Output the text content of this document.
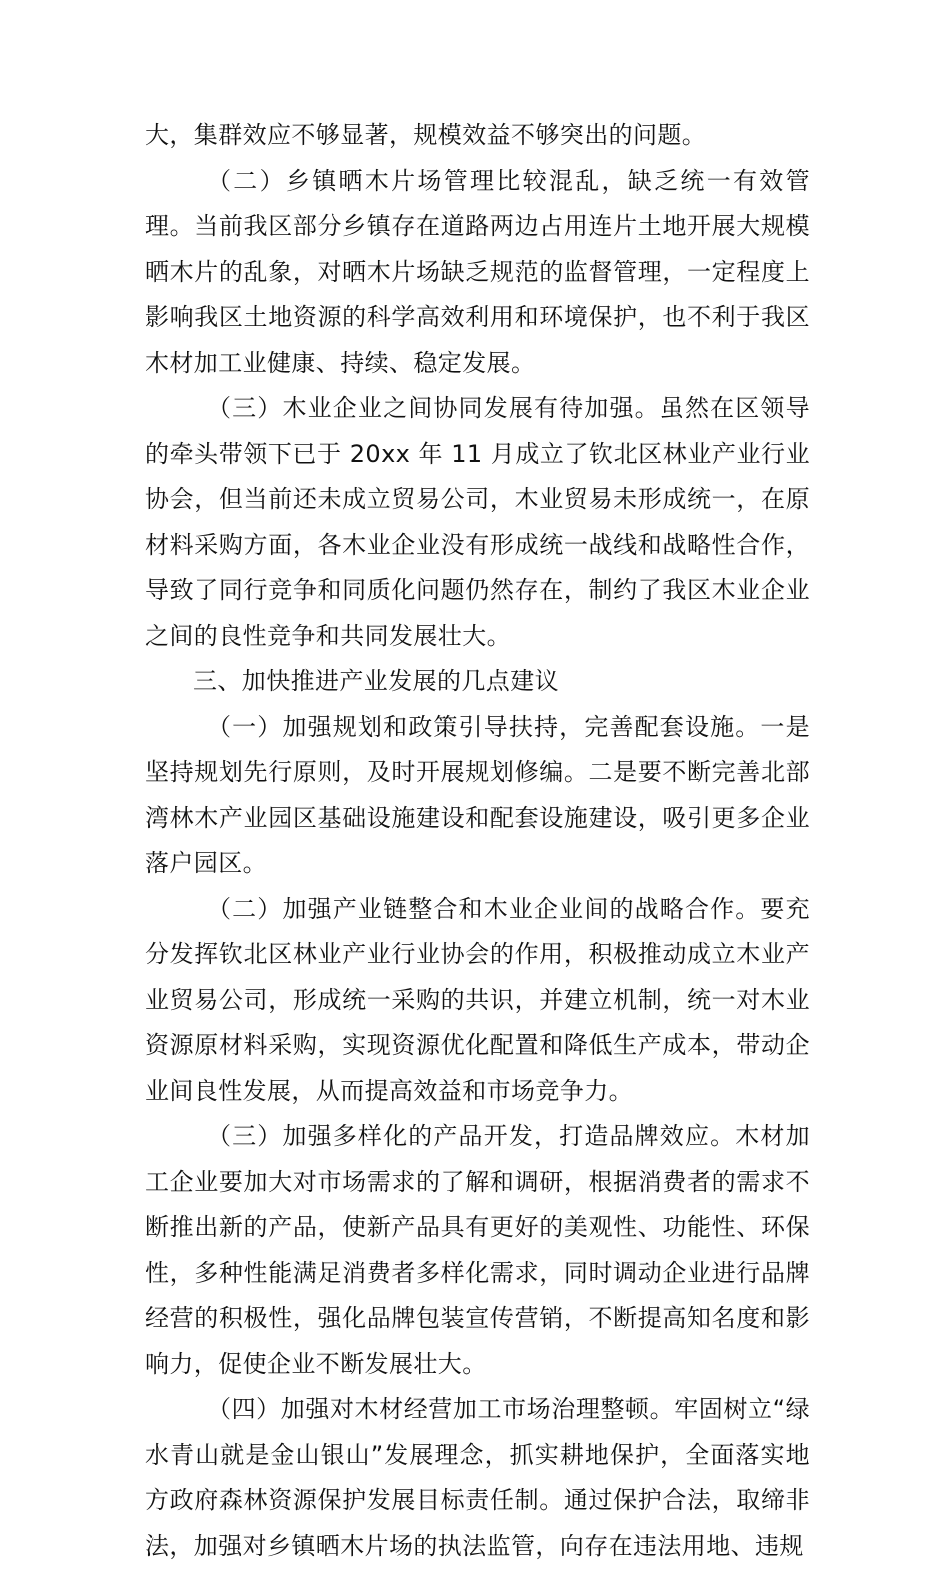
大，集群效应不够显著，规模效益不够突出的问题。

（二）乡镇晒木片场管理比较混乱，缺乏统一有效管理。当前我区部分乡镇存在道路两边占用连片土地开展大规模晒木片的乱象，对晒木片场缺乏规范的监督管理，一定程度上影响我区土地资源的科学高效利用和环境保护，也不利于我区木材加工业健康、持续、稳定发展。

（三）木业企业之间协同发展有待加强。虽然在区领导的牵头带领下已于 20xx 年 11 月成立了钦北区林业产业行业协会，但当前还未成立贸易公司，木业贸易未形成统一，在原材料采购方面，各木业企业没有形成统一战线和战略性合作，导致了同行竞争和同质化问题仍然存在，制约了我区木业企业之间的良性竞争和共同发展壮大。

三、加快推进产业发展的几点建议

（一）加强规划和政策引导扶持，完善配套设施。一是坚持规划先行原则，及时开展规划修编。二是要不断完善北部湾林木产业园区基础设施建设和配套设施建设，吸引更多企业落户园区。

（二）加强产业链整合和木业企业间的战略合作。要充分发挥钦北区林业产业行业协会的作用，积极推动成立木业产业贸易公司，形成统一采购的共识，并建立机制，统一对木业资源原材料采购，实现资源优化配置和降低生产成本，带动企业间良性发展，从而提高效益和市场竞争力。

（三）加强多样化的产品开发，打造品牌效应。木材加工企业要加大对市场需求的了解和调研，根据消费者的需求不断推出新的产品，使新产品具有更好的美观性、功能性、环保性，多种性能满足消费者多样化需求，同时调动企业进行品牌经营的积极性，强化品牌包装宣传营销，不断提高知名度和影响力，促使企业不断发展壮大。

（四）加强对木材经营加工市场治理整顿。牢固树立“绿水青山就是金山银山”发展理念，抓实耕地保护，全面落实地方政府森林资源保护发展目标责任制。通过保护合法，取缔非法，加强对乡镇晒木片场的执法监管，向存在违法用地、违规
